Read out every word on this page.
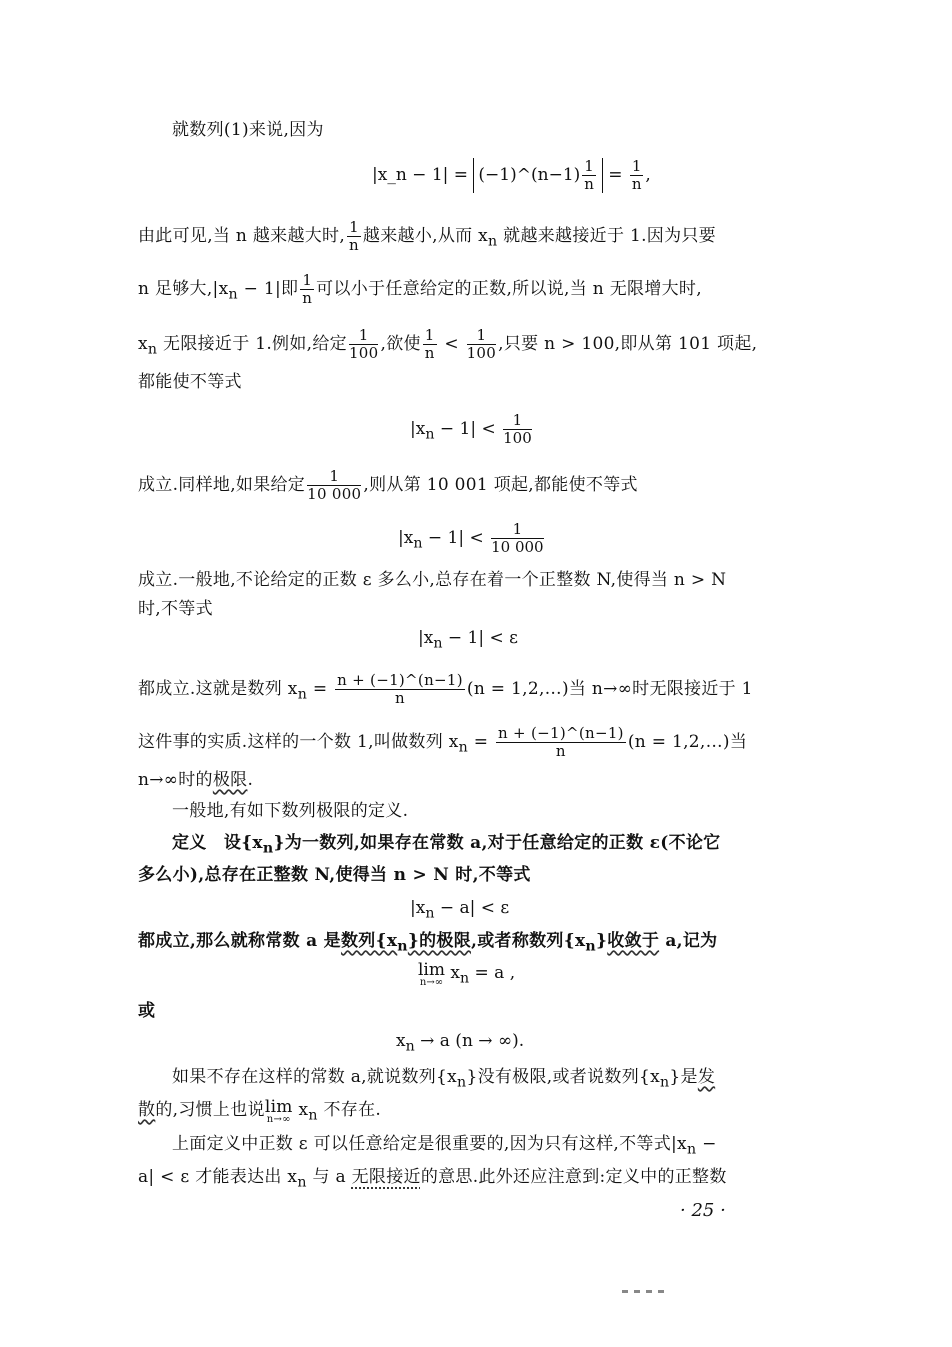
就数列(1)来说,因为
|x_n − 1| = (−1)^(n−1) $\frac{1}{n} = \frac{1}{n}$ ,
由此可见,当 n 越来越大时, $\frac{1}{n}$ 越来越小,从而 $x_n$ 就越来越接近于 1.因为只要
n 足够大$,|x_n - 1|$即 $\frac{1}{n}$ 可以小于任意给定的正数,所以说,当 n 无限增大时,
$x_n$ 无限接近于 1.例如,给定 $\frac{1}{100}$ ,欲使 $\frac{1}{n} < \frac{1}{100}$ ,只要 n > 100,即从第 101 项起,
都能使不等式
$|x_n - 1| < \frac{1}{100}$
成立.同样地,如果给定 $\frac{1}{10 000}$ ,则从第 10 001 项起,都能使不等式
$|x_n - 1| < \frac{1}{10 000}$
成立.一般地,不论给定的正数 ε 多么小,总存在着一个正整数 N,使得当 n > N
时,不等式
$|x_n - 1| < \varepsilon$
都成立.这就是数列 $x_n = \frac{n + (-1)\^{}(n-1)}{n} (n$ = 1,2,…)当 n→∞时无限接近于 1
这件事的实质.这样的一个数 1,叫做数列 $x_n = \frac{n + (-1)\^{}(n-1)}{n} (n$ = 1,2,…)当
n→∞时的极限.
一般地,有如下数列极限的定义.
定义　设$\{x_n\}$为一数列,如果存在常数 a,对于任意给定的正数 ε(不论它
多么小),总存在正整数 N,使得当 n > N 时,不等式
$|x_n - a| < \varepsilon$
都成立,那么就称常数 a 是数列$\{x_n\}$的极限,或者称数列$\{x_n\}$收敛于 a,记为
lim
n→∞ $x_n = a$ ,
或
$x_n \to a$ (n → ∞).
如果不存在这样的常数 a,就说数列$\{x_n\}$没有极限,或者说数列$\{x_n\}$是发
散的,习惯上也说lim
n→∞ $x_n$ 不存在.
上面定义中正数 ε 可以任意给定是很重要的,因为只有这样,不等式$|x_n$ −
a| < ε 才能表达出 $x_n$ 与 a 无限接近的意思.此外还应注意到:定义中的正整数
· 25 ·
